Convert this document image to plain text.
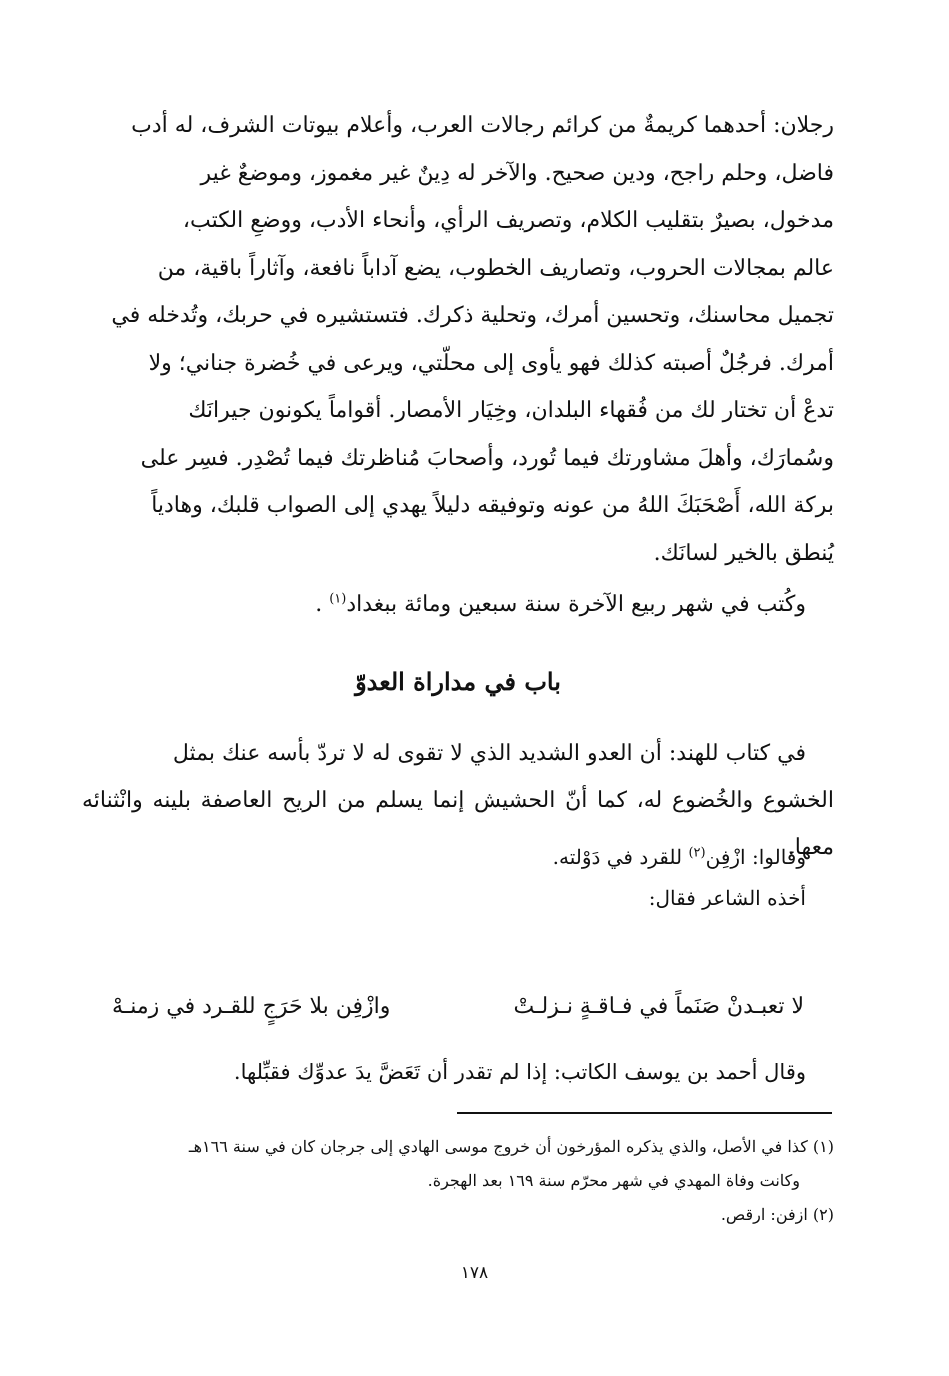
رجلان: أحدهما كريمةٌ من كرائم رجالات العرب، وأعلام بيوتات الشرف، له أدب

فاضل، وحلم راجح، ودين صحيح. والآخر له دِينٌ غير مغموز، وموضعٌ غير

مدخول، بصيرٌ بتقليب الكلام، وتصريف الرأي، وأنحاء الأدب، ووضعِ الكتب،

عالم بمجالات الحروب، وتصاريف الخطوب، يضع آداباً نافعة، وآثاراً باقية، من

تجميل محاسنك، وتحسين أمرك، وتحلية ذكرك. فتستشيره في حربك، وتُدخله في

أمرك. فرجُلٌ أصبته كذلك فهو يأوى إلى محلّتي، ويرعى في خُضرة جناني؛ ولا

تدعْ أن تختار لك من فُقهاء البلدان، وخِيَار الأمصار. أقواماً يكونون جيرانَك

وسُمارَك، وأهلَ مشاورتك فيما تُورد، وأصحابَ مُناظرتك فيما تُصْدِر. فسِر على

بركة الله، أَصْحَبَكَ اللهُ من عونه وتوفيقه دليلاً يهدي إلى الصواب قلبك، وهادياً

يُنطق بالخير لسانَك.

وكُتب في شهر ربيع الآخرة سنة سبعين ومائة ببغداد$^{(١)}$ .
باب في مداراة العدوّ

في كتاب للهند: أن العدو الشديد الذي لا تقوى له لا تردّ بأسه عنك بمثل

الخشوع والخُضوع له، كما أنّ الحشيش إنما يسلم من الريح العاصفة بلينه وانْثنائه معها.

وقالوا: ازْفِن$^{(٢)}$ للقرد في دَوْلته.

أخذه الشاعر فقال:

لا تعبـدنْ صَنَماً في فـاقـةٍ نـزلـتْ
وازْفِن بلا حَرَجٍ للقـرد في زمنـهْ
وقال أحمد بن يوسف الكاتب: إذا لم تقدر أن تَعَضَّ يدَ عدوِّك فقبِّلها.

(١) كذا في الأصل، والذي يذكره المؤرخون أن خروج موسى الهادي إلى جرجان كان في سنة ١٦٦هـ

وكانت وفاة المهدي في شهر محرّم سنة ١٦٩ بعد الهجرة.

(٢) ازفن: ارقص.

١٧٨
